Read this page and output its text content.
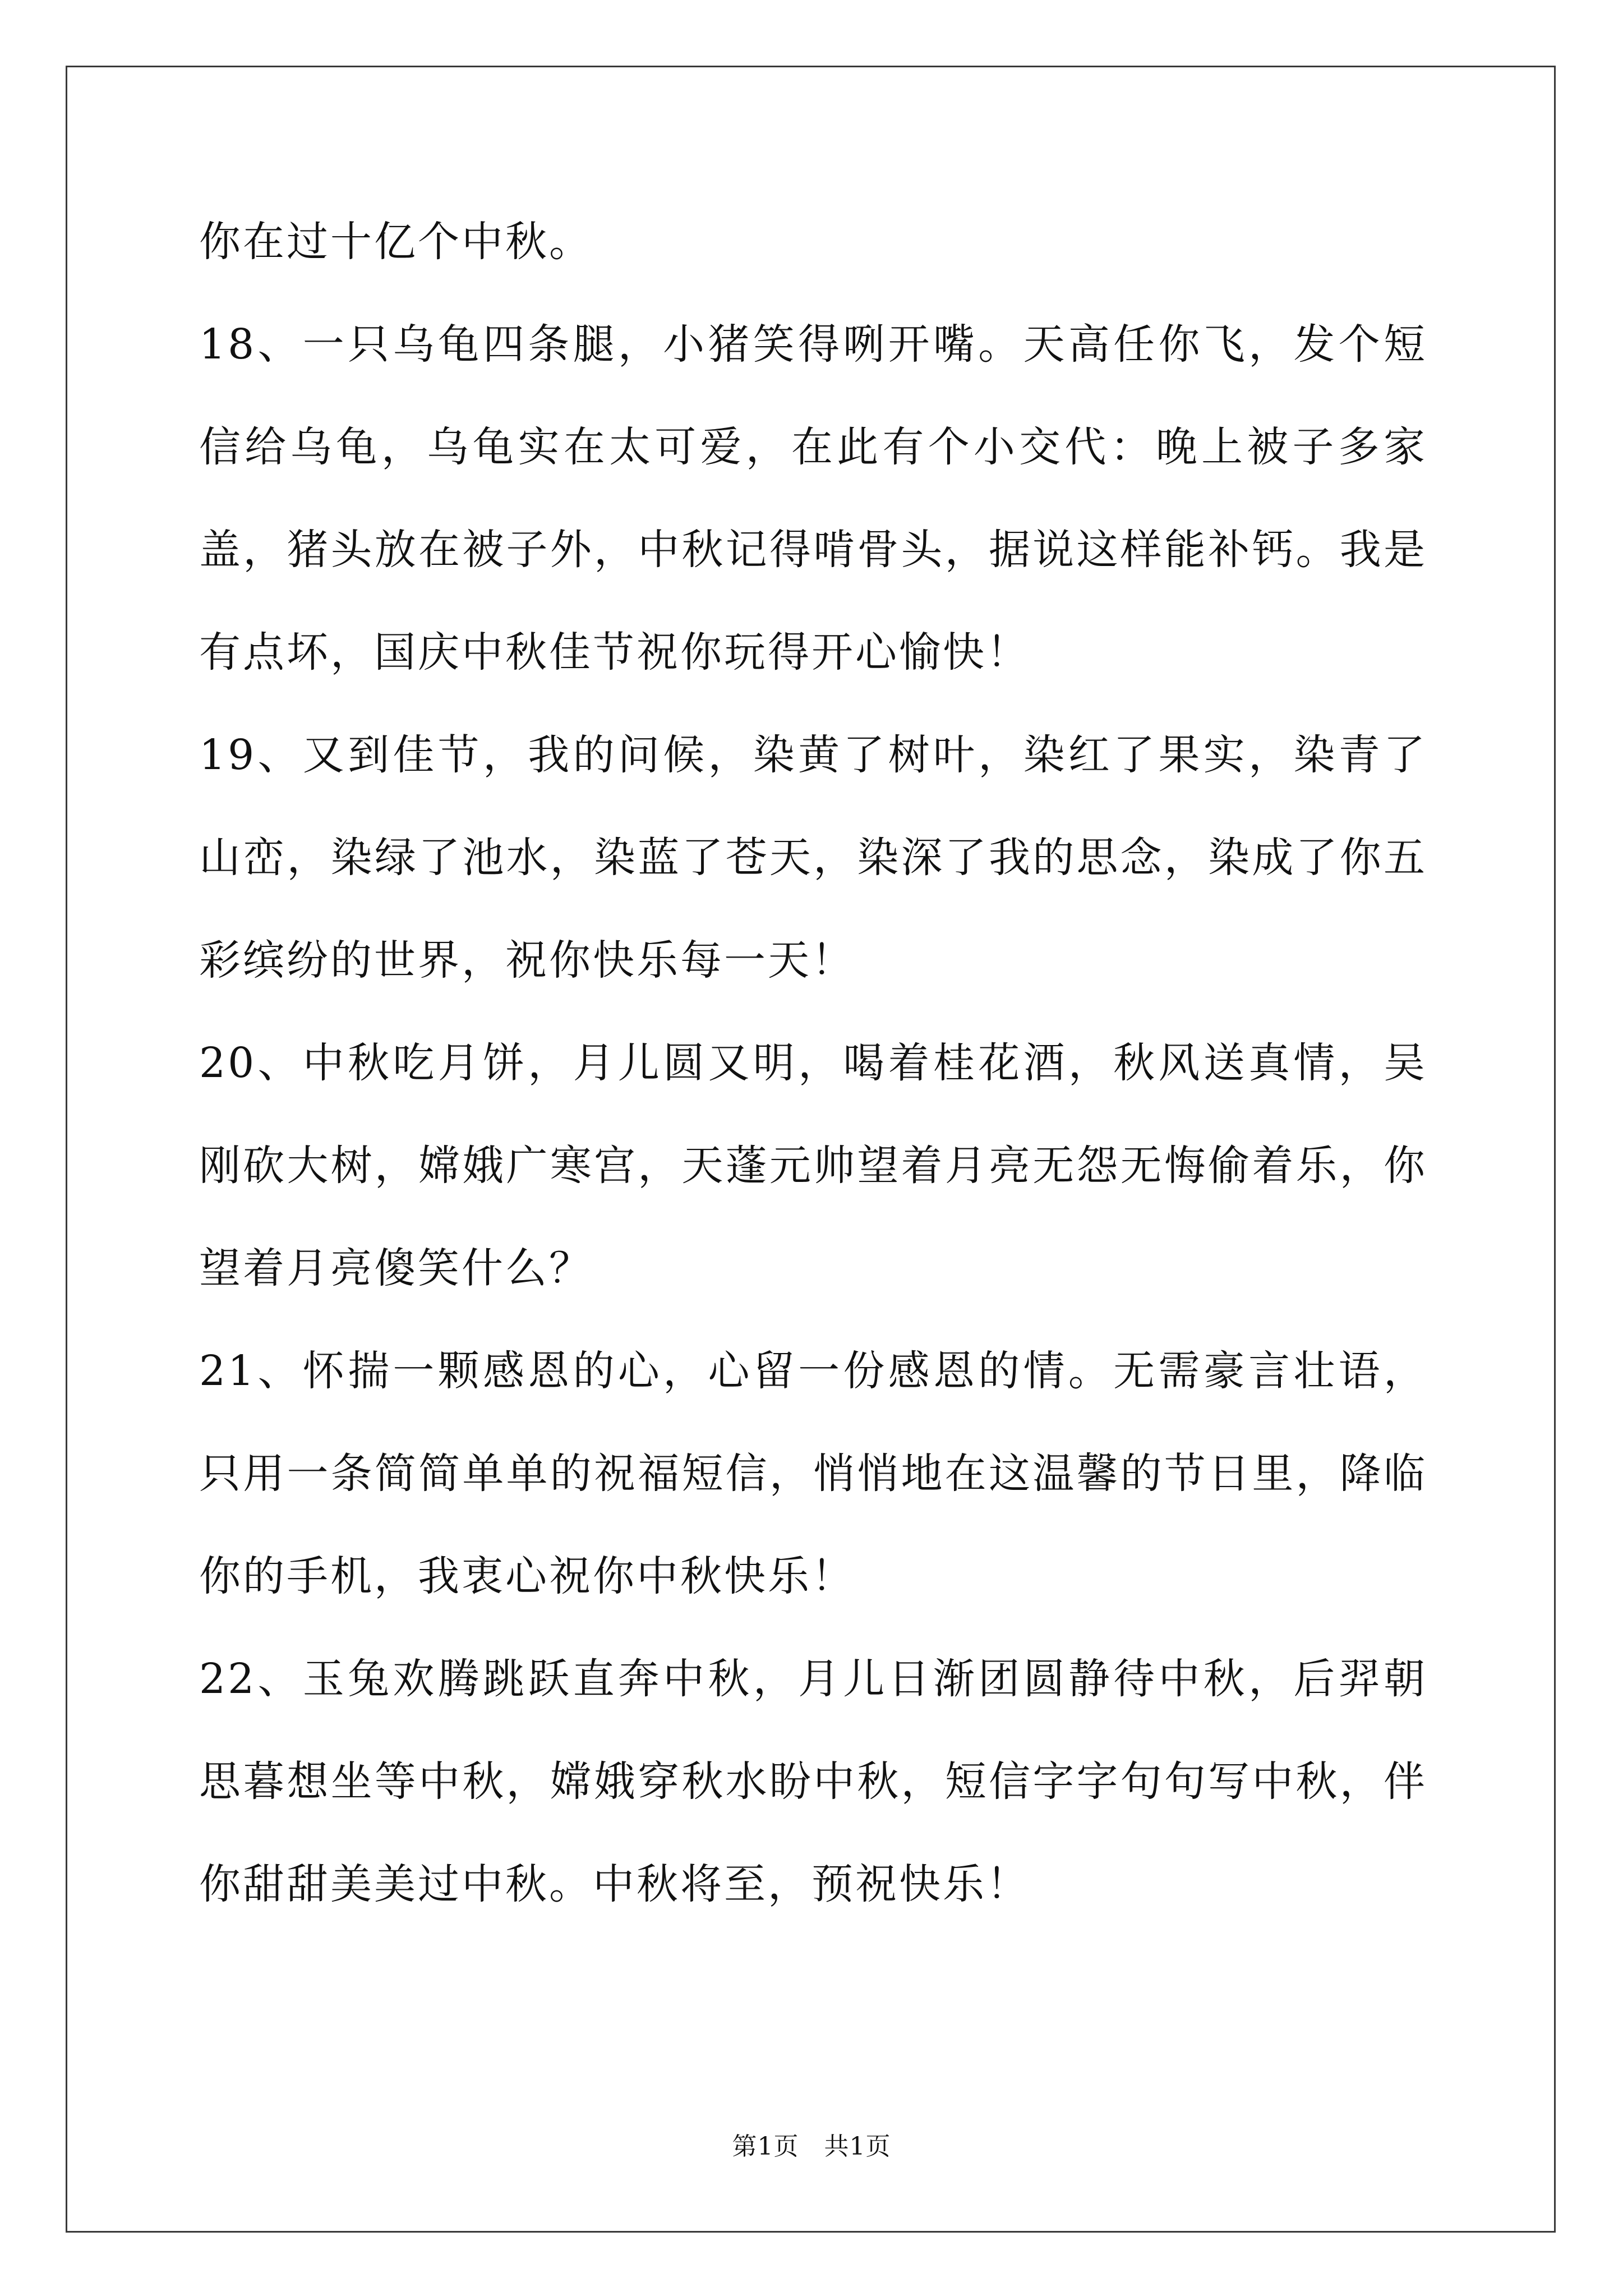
你在过十亿个中秋。

18、一只乌龟四条腿，小猪笑得咧开嘴。天高任你飞，发个短信给乌龟，乌龟实在太可爱，在此有个小交代：晚上被子多家盖，猪头放在被子外，中秋记得啃骨头，据说这样能补钙。我是有点坏，国庆中秋佳节祝你玩得开心愉快！

19、又到佳节，我的问候，染黄了树叶，染红了果实，染青了山峦，染绿了池水，染蓝了苍天，染深了我的思念，染成了你五彩缤纷的世界，祝你快乐每一天！

20、中秋吃月饼，月儿圆又明，喝着桂花酒，秋风送真情，吴刚砍大树，嫦娥广寒宫，天蓬元帅望着月亮无怨无悔偷着乐，你望着月亮傻笑什么？

21、怀揣一颗感恩的心，心留一份感恩的情。无需豪言壮语，只用一条简简单单的祝福短信，悄悄地在这温馨的节日里，降临你的手机，我衷心祝你中秋快乐！

22、玉兔欢腾跳跃直奔中秋，月儿日渐团圆静待中秋，后羿朝思暮想坐等中秋，嫦娥穿秋水盼中秋，短信字字句句写中秋，伴你甜甜美美过中秋。中秋将至，预祝快乐！

第1页　共1页
